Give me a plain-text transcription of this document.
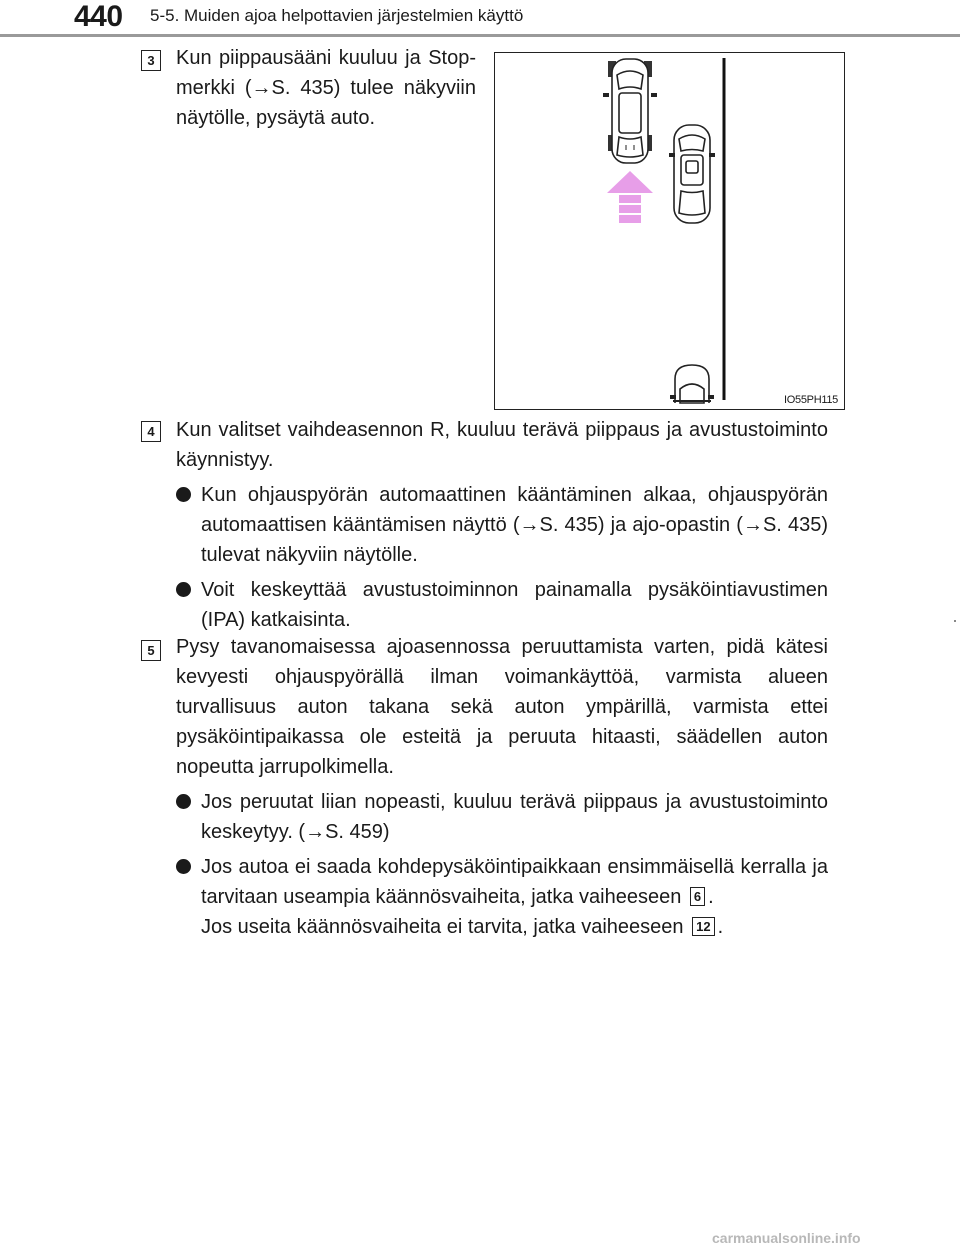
440 5-5. Muiden ajoa helpottavien järjestelmien käyttö
3	Kun piippausääni kuuluu ja Stop-merkki (→S. 435) tulee näkyviin näytölle, pysäytä auto.
IO55PH115
4	Kun valitset vaihdeasennon R, kuuluu terävä piippaus ja avustustoiminto käynnistyy.
Kun ohjauspyörän automaattinen kääntäminen alkaa, ohjauspyörän automaattisen kääntämisen näyttö (→S. 435) ja ajo-opastin (→S. 435) tulevat näkyviin näytölle.
Voit keskeyttää avustustoiminnon painamalla pysäköintiavustimen (IPA) katkaisinta.
5	Pysy tavanomaisessa ajoasennossa peruuttamista varten, pidä kätesi kevyesti ohjauspyörällä ilman voimankäyttöä, varmista alueen turvallisuus auton takana sekä auton ympärillä, varmista ettei pysäköintipaikassa ole esteitä ja peruuta hitaasti, säädellen auton nopeutta jarrupolkimella.
Jos peruutat liian nopeasti, kuuluu terävä piippaus ja avustustoiminto keskeytyy. (→S. 459)
Jos autoa ei saada kohdepysäköintipaikkaan ensimmäisellä kerralla ja tarvitaan useampia käännösvaiheita, jatka vaiheeseen 6 .
Jos useita käännösvaiheita ei tarvita, jatka vaiheeseen 12 .
carmanualsonline.info
